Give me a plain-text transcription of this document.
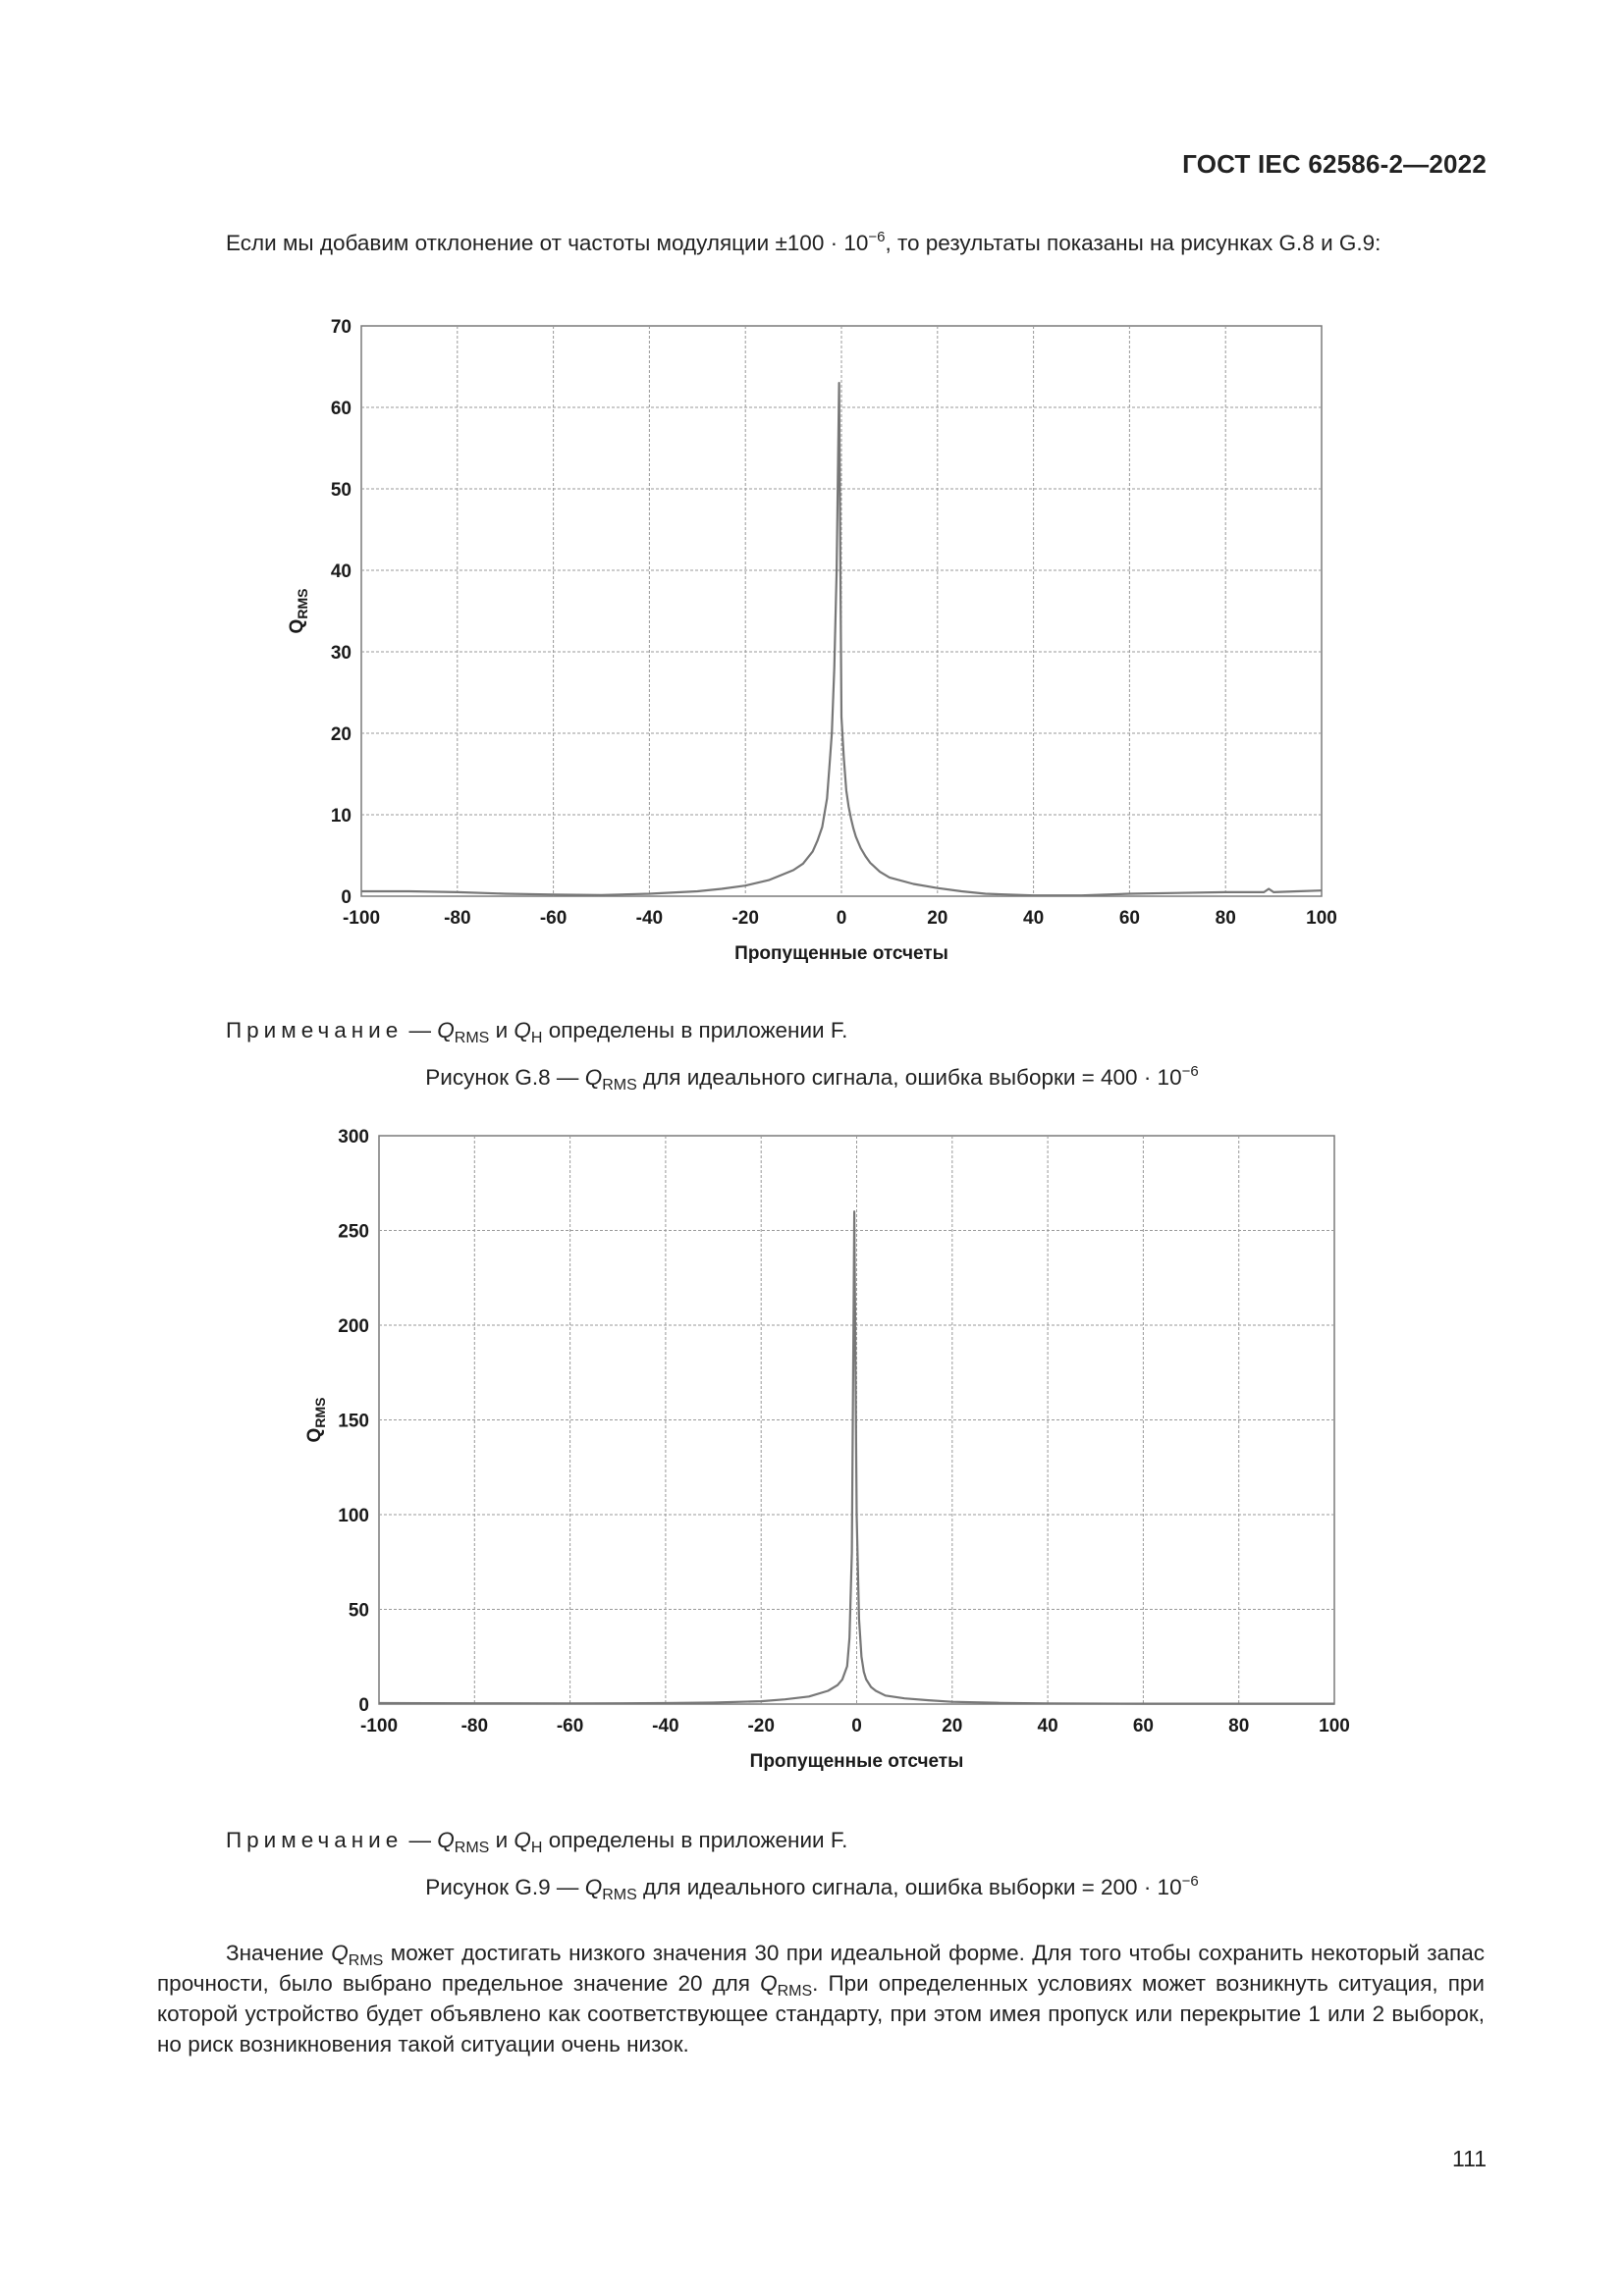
ГОСТ IEC 62586-2—2022
Если мы добавим отклонение от частоты модуляции $\pm 100 \cdot 10^{-6}$, то результаты показаны на рисунках G.8 и G.9:
-100	-80	-60	-40	-20	0	20	40	60	80	100
0
10
20
30
40
50
60
70
Пропущенные отсчеты
$Q_{RMS}$
Примечание — $Q_{RMS}$ и $Q_H$ определены в приложении F.
Рисунок G.8 — $Q_{RMS}$ для идеального сигнала, ошибка выборки = $400 \cdot 10^{-6}$
-100	-80	-60	-40	-20	0	20	40	60	80	100
0
50
100
150
200
250
300
Пропущенные отсчеты
$Q_{RMS}$
Примечание — $Q_{RMS}$ и $Q_H$ определены в приложении F.
Рисунок G.9 — $Q_{RMS}$ для идеального сигнала, ошибка выборки = $200 \cdot 10^{-6}$
Значение $Q_{RMS}$ может достигать низкого значения 30 при идеальной форме. Для того чтобы сохранить некоторый запас прочности, было выбрано предельное значение 20 для $Q_{RMS}$. При определенных условиях может возникнуть ситуация, при которой устройство будет объявлено как соответствующее стандарту, при этом имея пропуск или перекрытие 1 или 2 выборок, но риск возникновения такой ситуации очень низок.
111
